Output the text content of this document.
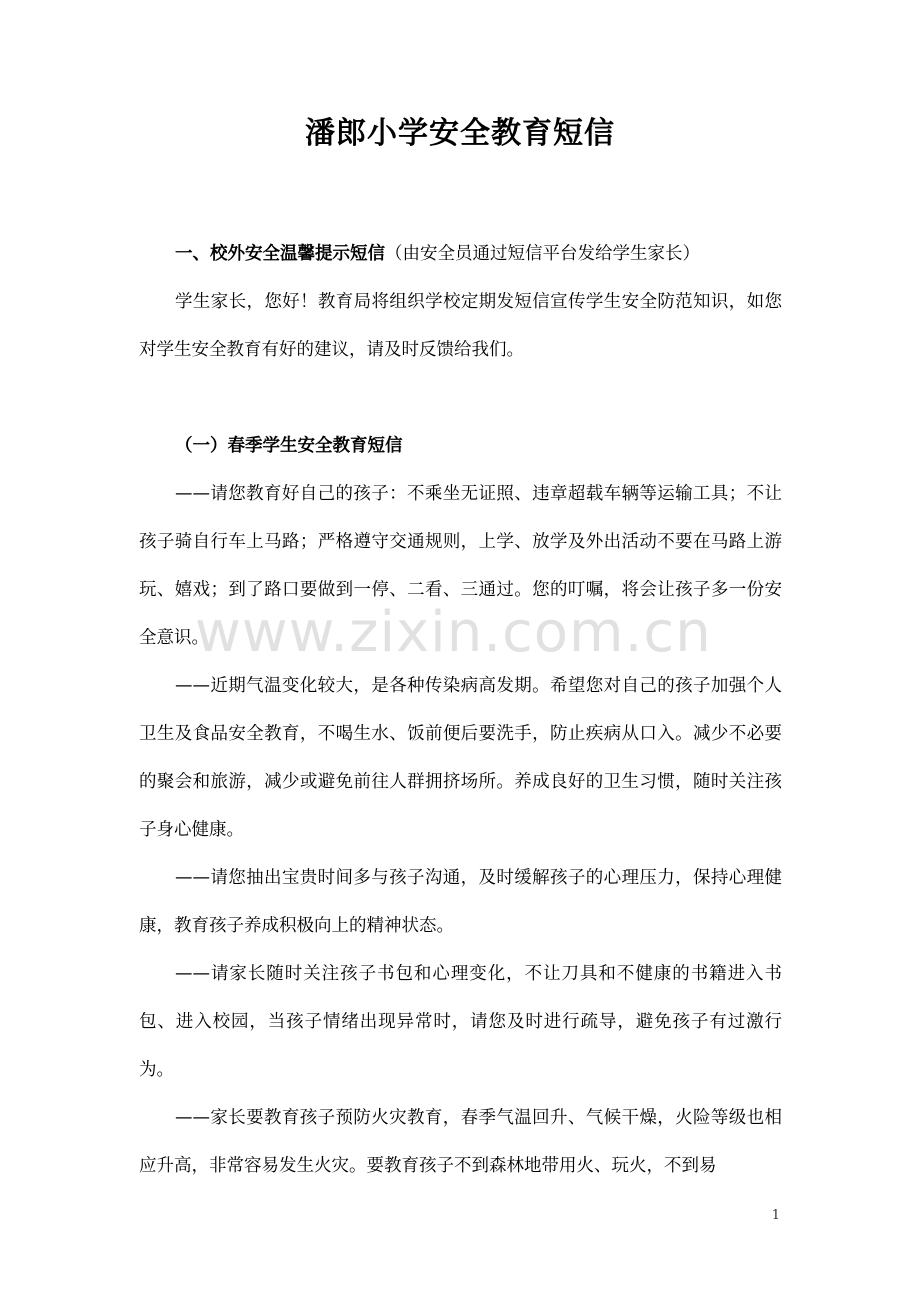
潘郎小学安全教育短信

一、校外安全温馨提示短信（由安全员通过短信平台发给学生家长）

学生家长，您好！教育局将组织学校定期发短信宣传学生安全防范知识，如您对学生安全教育有好的建议，请及时反馈给我们。

（一）春季学生安全教育短信

——请您教育好自己的孩子：不乘坐无证照、违章超载车辆等运输工具；不让孩子骑自行车上马路；严格遵守交通规则，上学、放学及外出活动不要在马路上游玩、嬉戏；到了路口要做到一停、二看、三通过。您的叮嘱，将会让孩子多一份安全意识。

——近期气温变化较大，是各种传染病高发期。希望您对自己的孩子加强个人卫生及食品安全教育，不喝生水、饭前便后要洗手，防止疾病从口入。减少不必要的聚会和旅游，减少或避免前往人群拥挤场所。养成良好的卫生习惯，随时关注孩子身心健康。

——请您抽出宝贵时间多与孩子沟通，及时缓解孩子的心理压力，保持心理健康，教育孩子养成积极向上的精神状态。

——请家长随时关注孩子书包和心理变化，不让刀具和不健康的书籍进入书包、进入校园，当孩子情绪出现异常时，请您及时进行疏导，避免孩子有过激行为。

——家长要教育孩子预防火灾教育，春季气温回升、气候干燥，火险等级也相应升高，非常容易发生火灾。要教育孩子不到森林地带用火、玩火，不到易

www.zixin.com.cn
1
